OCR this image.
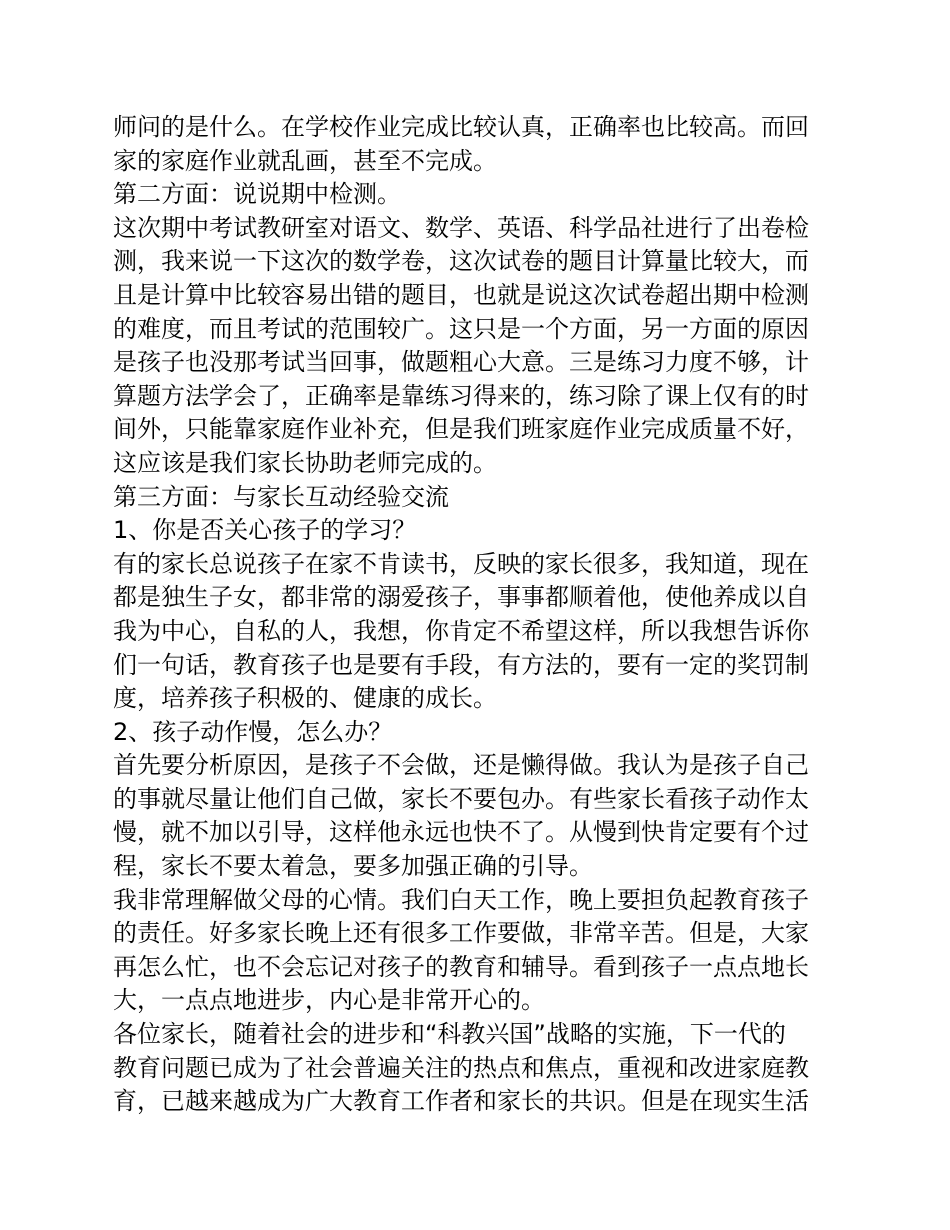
师问的是什么。在学校作业完成比较认真，正确率也比较高。而回
家的家庭作业就乱画，甚至不完成。
第二方面：说说期中检测。
这次期中考试教研室对语文、数学、英语、科学品社进行了出卷检
测，我来说一下这次的数学卷，这次试卷的题目计算量比较大，而
且是计算中比较容易出错的题目，也就是说这次试卷超出期中检测
的难度，而且考试的范围较广。这只是一个方面，另一方面的原因
是孩子也没那考试当回事，做题粗心大意。三是练习力度不够，计
算题方法学会了，正确率是靠练习得来的，练习除了课上仅有的时
间外，只能靠家庭作业补充，但是我们班家庭作业完成质量不好，
这应该是我们家长协助老师完成的。
第三方面：与家长互动经验交流
1、你是否关心孩子的学习？
有的家长总说孩子在家不肯读书，反映的家长很多，我知道，现在
都是独生子女，都非常的溺爱孩子，事事都顺着他，使他养成以自
我为中心，自私的人，我想，你肯定不希望这样，所以我想告诉你
们一句话，教育孩子也是要有手段，有方法的，要有一定的奖罚制
度，培养孩子积极的、健康的成长。
2、孩子动作慢，怎么办？
首先要分析原因，是孩子不会做，还是懒得做。我认为是孩子自己
的事就尽量让他们自己做，家长不要包办。有些家长看孩子动作太
慢，就不加以引导，这样他永远也快不了。从慢到快肯定要有个过
程，家长不要太着急，要多加强正确的引导。
我非常理解做父母的心情。我们白天工作，晚上要担负起教育孩子
的责任。好多家长晚上还有很多工作要做，非常辛苦。但是，大家
再怎么忙，也不会忘记对孩子的教育和辅导。看到孩子一点点地长
大，一点点地进步，内心是非常开心的。
各位家长，随着社会的进步和“科教兴国”战略的实施，下一代的
教育问题已成为了社会普遍关注的热点和焦点，重视和改进家庭教
育，已越来越成为广大教育工作者和家长的共识。但是在现实生活
